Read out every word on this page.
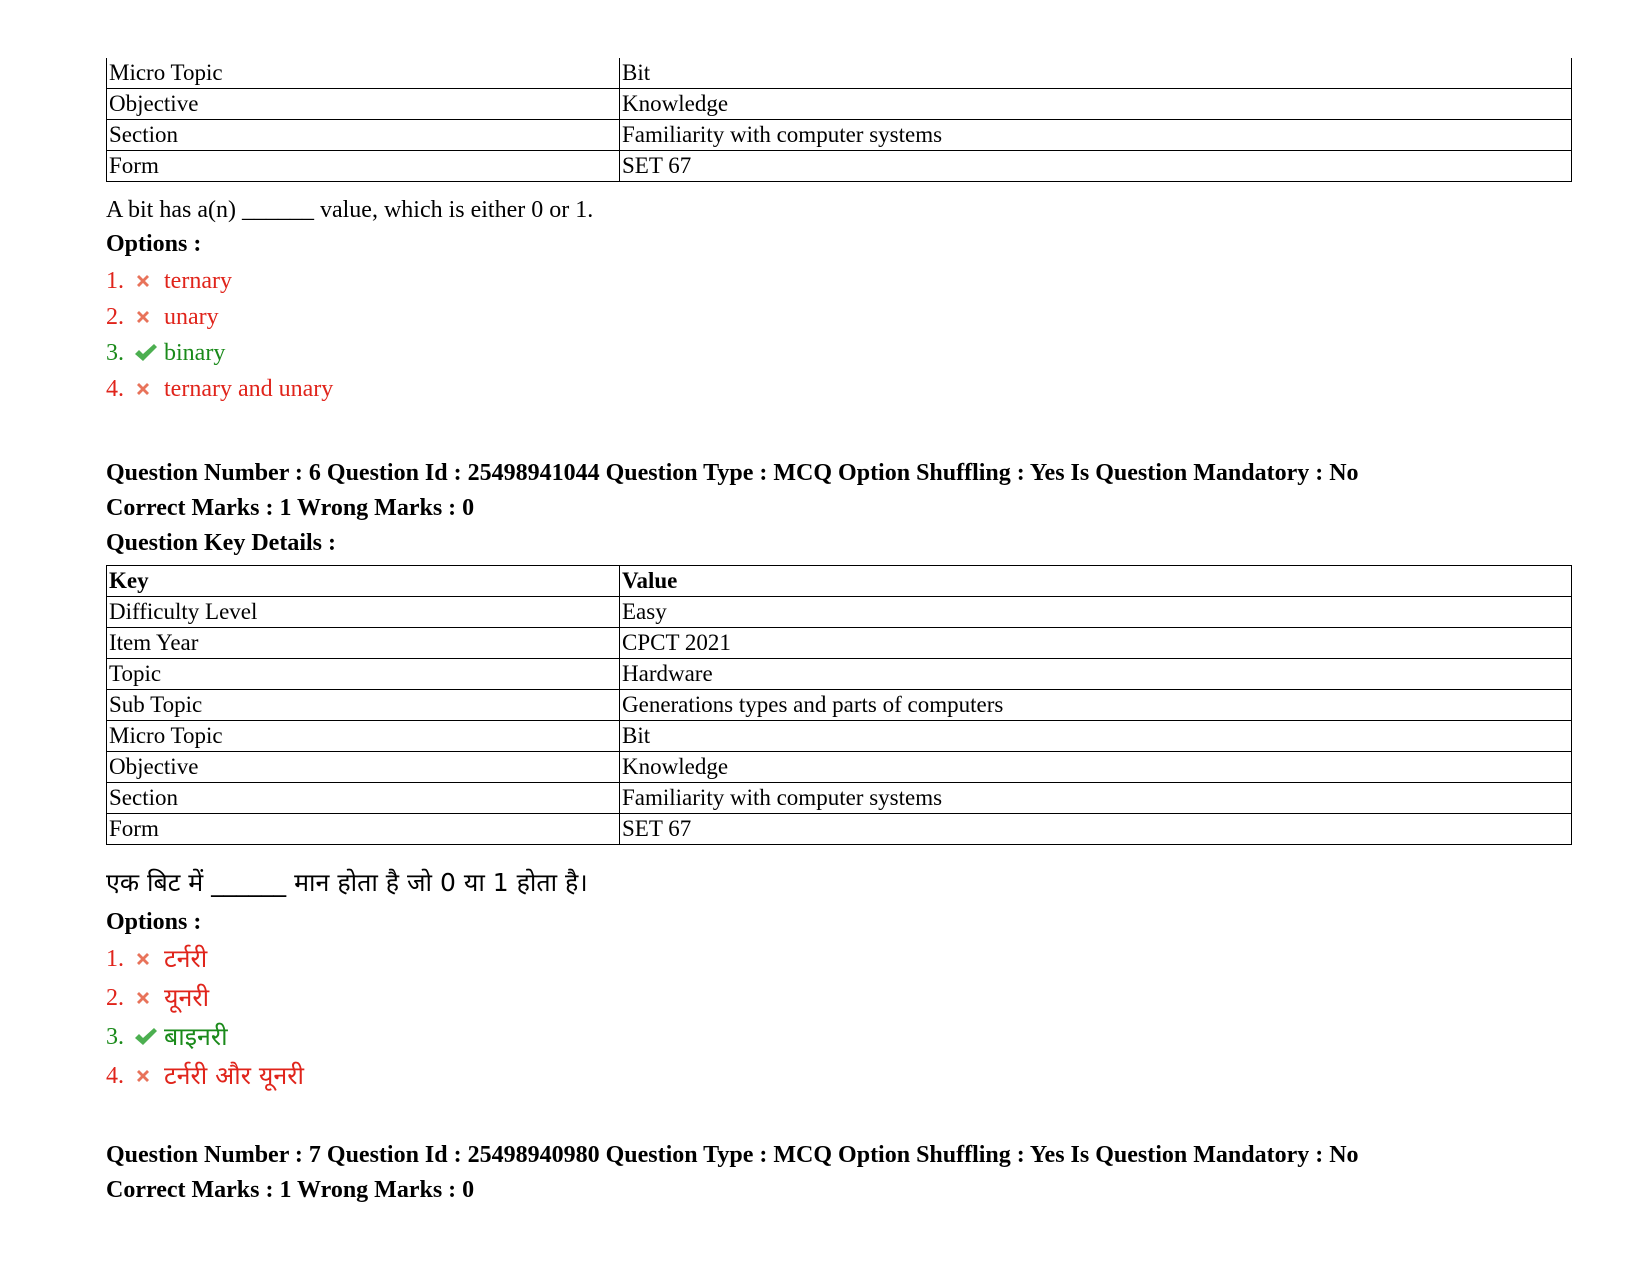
Micro Topic	Bit
Objective	Knowledge
Section	Familiarity with computer systems
Form	SET 67
A bit has a(n) ______ value, which is either 0 or 1.
Options :
1.	ternary
2.	unary
3.	binary
4.	ternary and unary
Question Number : 6 Question Id : 25498941044 Question Type : MCQ Option Shuffling : Yes Is Question Mandatory : No
Correct Marks : 1 Wrong Marks : 0
Question Key Details :
Key	Value
Difficulty Level	Easy
Item Year	CPCT 2021
Topic	Hardware
Sub Topic	Generations types and parts of computers
Micro Topic	Bit
Objective	Knowledge
Section	Familiarity with computer systems
Form	SET 67
एक बिट में ______ मान होता है जो 0 या 1 होता है।
Options :
1.	टर्नरी
2.	यूनरी
3.	बाइनरी
4.	टर्नरी और यूनरी
Question Number : 7 Question Id : 25498940980 Question Type : MCQ Option Shuffling : Yes Is Question Mandatory : No
Correct Marks : 1 Wrong Marks : 0
